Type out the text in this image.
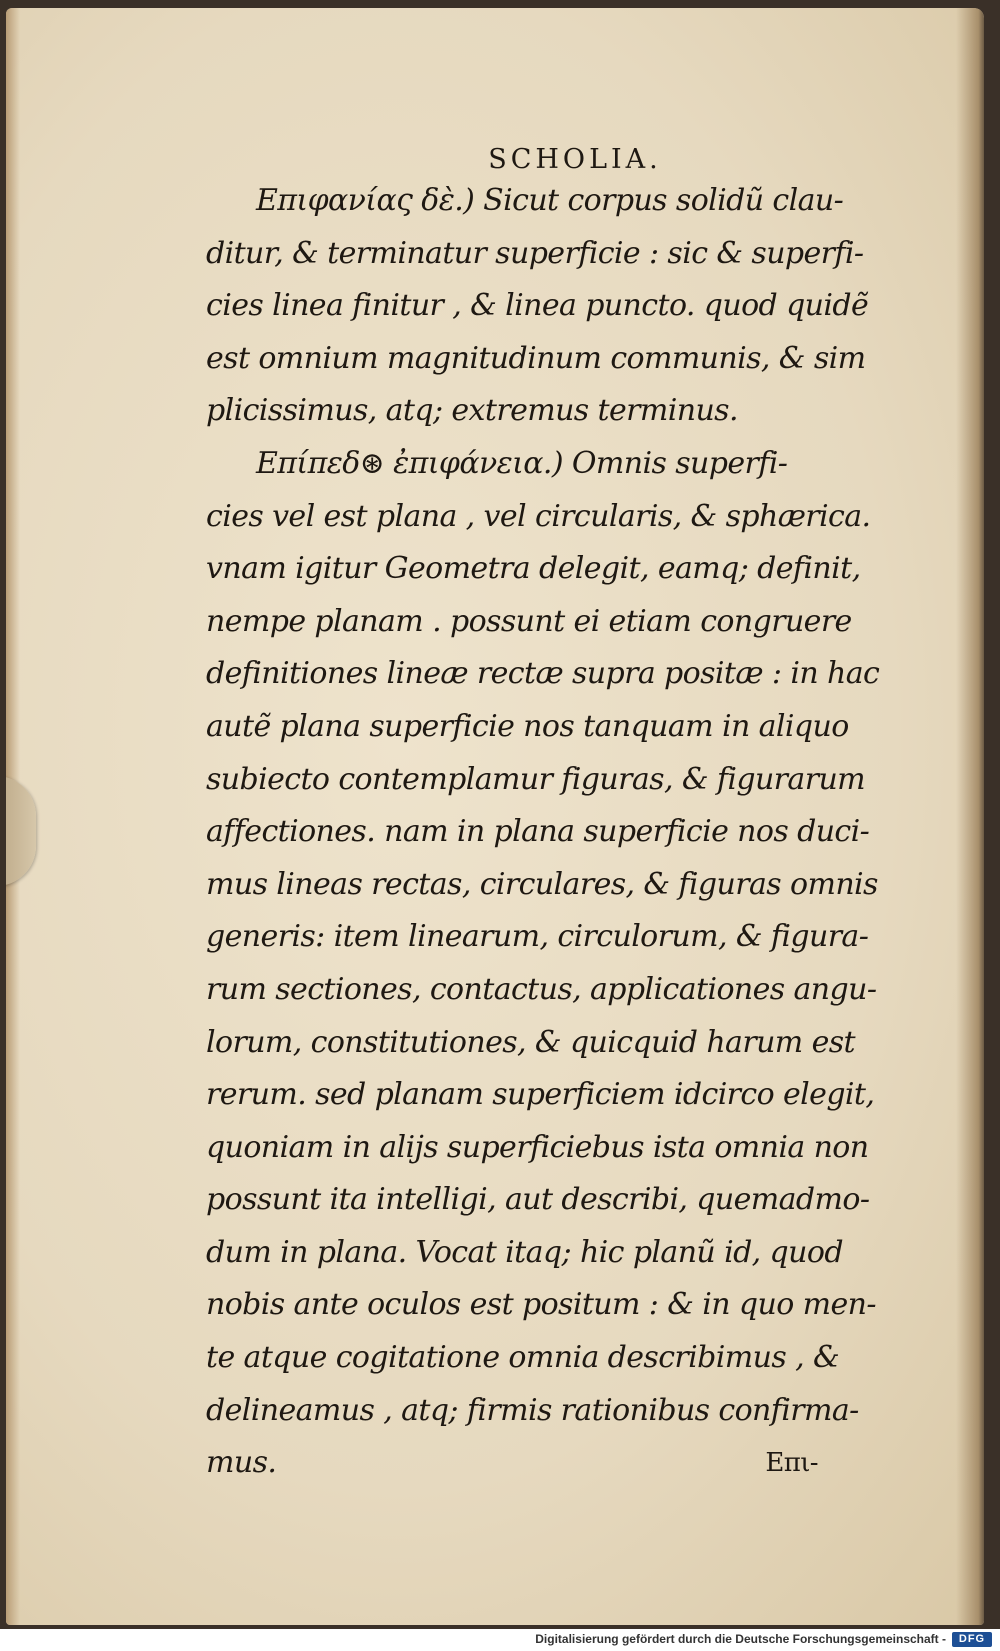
SCHOLIA.
Επιφανίας δὲ.) Sicut corpus solidũ clau-
ditur, & terminatur superficie : sic & superfi-
cies linea finitur , & linea puncto. quod quidẽ
est omnium magnitudinum communis, & sim
plicissimus, atq; extremus terminus.
Επίπεδ⊛ ἐπιφάνεια.) Omnis superfi-
cies vel est plana , vel circularis, & sphærica.
vnam igitur Geometra delegit, eamq; definit,
nempe planam . possunt ei etiam congruere
definitiones lineæ rectæ supra positæ : in hac
autẽ plana superficie nos tanquam in aliquo
subiecto contemplamur figuras, & figurarum
affectiones. nam in plana superficie nos duci-
mus lineas rectas, circulares, & figuras omnis
generis: item linearum, circulorum, & figura-
rum sectiones, contactus, applicationes angu-
lorum, constitutiones, & quicquid harum est
rerum. sed planam superficiem idcirco elegit,
quoniam in alijs superficiebus ista omnia non
possunt ita intelligi, aut describi, quemadmo-
dum in plana. Vocat itaq; hic planũ id, quod
nobis ante oculos est positum : & in quo men-
te atque cogitatione omnia describimus , &
delineamus , atq; firmis rationibus confirma-
mus.	Επι-
Digitalisierung gefördert durch die Deutsche Forschungsgemeinschaft -	DFG
